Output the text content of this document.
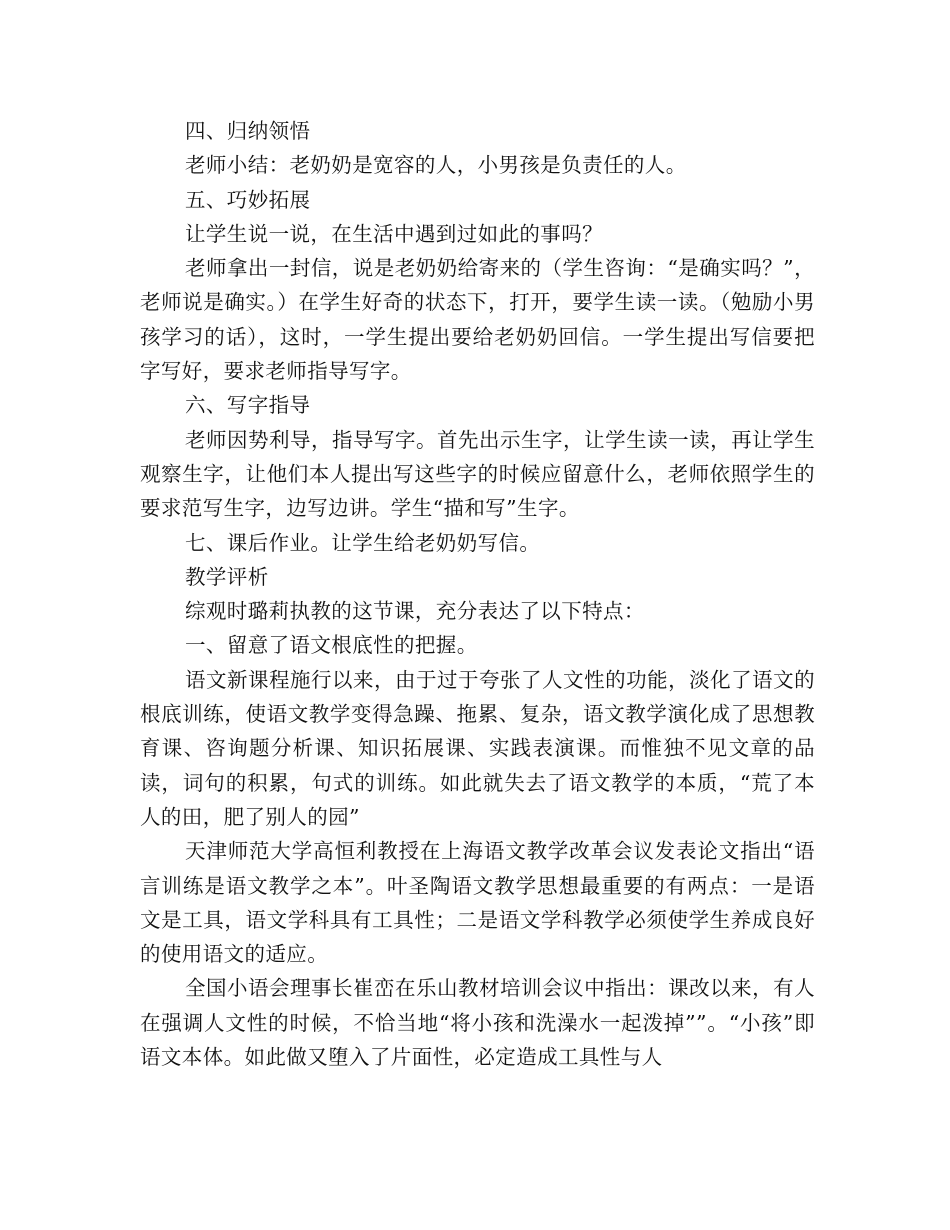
四、归纳领悟

老师小结：老奶奶是宽容的人，小男孩是负责任的人。

五、巧妙拓展

让学生说一说，在生活中遇到过如此的事吗？

老师拿出一封信，说是老奶奶给寄来的（学生咨询：“是确实吗？”，老师说是确实。）在学生好奇的状态下，打开，要学生读一读。（勉励小男孩学习的话），这时，一学生提出要给老奶奶回信。一学生提出写信要把字写好，要求老师指导写字。

六、写字指导

老师因势利导，指导写字。首先出示生字，让学生读一读，再让学生观察生字，让他们本人提出写这些字的时候应留意什么，老师依照学生的要求范写生字，边写边讲。学生“描和写”生字。

七、课后作业。让学生给老奶奶写信。

教学评析

综观时璐莉执教的这节课，充分表达了以下特点：

一、留意了语文根底性的把握。

语文新课程施行以来，由于过于夸张了人文性的功能，淡化了语文的根底训练，使语文教学变得急躁、拖累、复杂，语文教学演化成了思想教育课、咨询题分析课、知识拓展课、实践表演课。而惟独不见文章的品读，词句的积累，句式的训练。如此就失去了语文教学的本质，“荒了本人的田，肥了别人的园”

天津师范大学高恒利教授在上海语文教学改革会议发表论文指出“语言训练是语文教学之本”。叶圣陶语文教学思想最重要的有两点：一是语文是工具，语文学科具有工具性；二是语文学科教学必须使学生养成良好的使用语文的适应。

全国小语会理事长崔峦在乐山教材培训会议中指出：课改以来，有人在强调人文性的时候，不恰当地“将小孩和洗澡水一起泼掉””。“小孩”即语文本体。如此做又堕入了片面性，必定造成工具性与人
